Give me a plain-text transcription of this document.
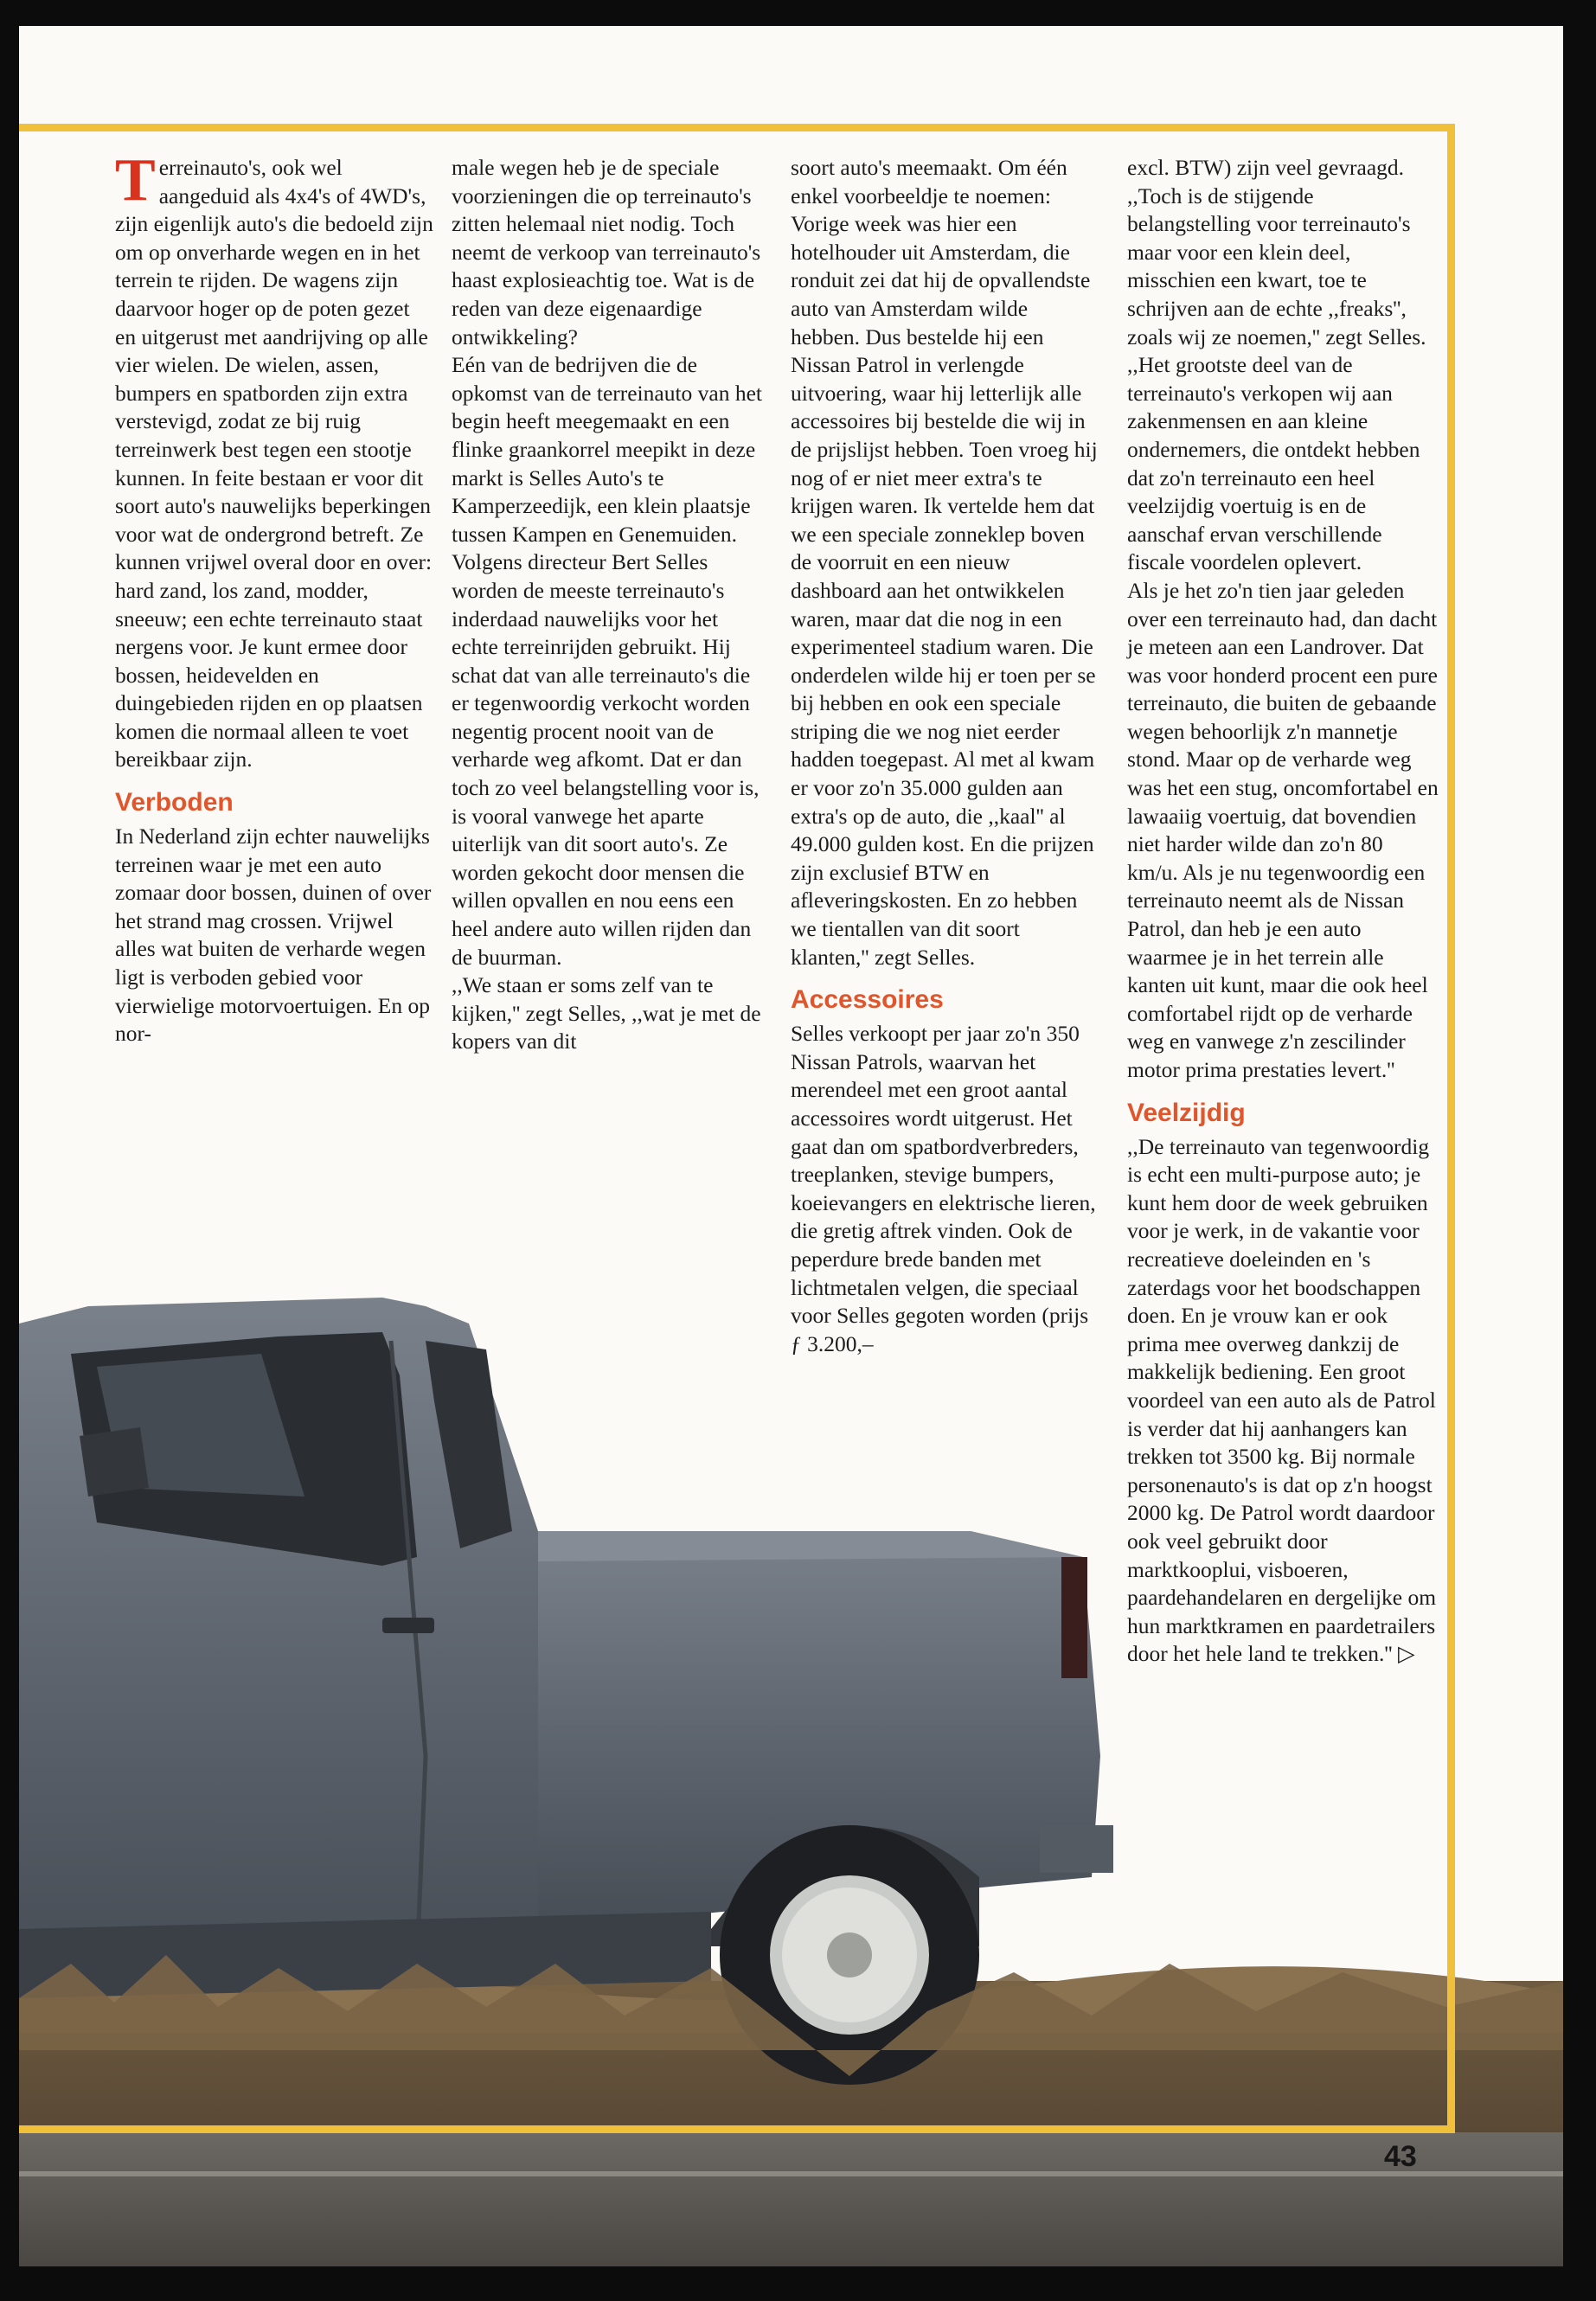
Terreinauto's, ook wel aangeduid als 4x4's of 4WD's, zijn eigenlijk auto's die bedoeld zijn om op onverharde wegen en in het terrein te rijden. De wagens zijn daarvoor hoger op de poten gezet en uitgerust met aandrijving op alle vier wielen. De wielen, assen, bumpers en spatborden zijn extra verstevigd, zodat ze bij ruig terreinwerk best tegen een stootje kunnen. In feite bestaan er voor dit soort auto's nauwelijks beperkingen voor wat de ondergrond betreft. Ze kunnen vrijwel overal door en over: hard zand, los zand, modder, sneeuw; een echte terreinauto staat nergens voor. Je kunt ermee door bossen, heidevelden en duingebieden rijden en op plaatsen komen die normaal alleen te voet bereikbaar zijn.

Verboden

In Nederland zijn echter nauwelijks terreinen waar je met een auto zomaar door bossen, duinen of over het strand mag crossen. Vrijwel alles wat buiten de verharde wegen ligt is verboden gebied voor vierwielige motorvoertuigen. En op nor-

male wegen heb je de speciale voorzieningen die op terreinauto's zitten helemaal niet nodig. Toch neemt de verkoop van terreinauto's haast explosieachtig toe. Wat is de reden van deze eigenaardige ontwikkeling?

Eén van de bedrijven die de opkomst van de terreinauto van het begin heeft meegemaakt en een flinke graankorrel meepikt in deze markt is Selles Auto's te Kamperzeedijk, een klein plaatsje tussen Kampen en Genemuiden.

Volgens directeur Bert Selles worden de meeste terreinauto's inderdaad nauwelijks voor het echte terreinrijden gebruikt. Hij schat dat van alle terreinauto's die er tegenwoordig verkocht worden negentig procent nooit van de verharde weg afkomt. Dat er dan toch zo veel belangstelling voor is, is vooral vanwege het aparte uiterlijk van dit soort auto's. Ze worden gekocht door mensen die willen opvallen en nou eens een heel andere auto willen rijden dan de buurman.

,,We staan er soms zelf van te kijken,'' zegt Selles, ,,wat je met de kopers van dit

soort auto's meemaakt. Om één enkel voorbeeldje te noemen: Vorige week was hier een hotelhouder uit Amsterdam, die ronduit zei dat hij de opvallendste auto van Amsterdam wilde hebben. Dus bestelde hij een Nissan Patrol in verlengde uitvoering, waar hij letterlijk alle accessoires bij bestelde die wij in de prijslijst hebben. Toen vroeg hij nog of er niet meer extra's te krijgen waren. Ik vertelde hem dat we een speciale zonneklep boven de voorruit en een nieuw dashboard aan het ontwikkelen waren, maar dat die nog in een experimenteel stadium waren. Die onderdelen wilde hij er toen per se bij hebben en ook een speciale striping die we nog niet eerder hadden toegepast. Al met al kwam er voor zo'n 35.000 gulden aan extra's op de auto, die ,,kaal'' al 49.000 gulden kost. En die prijzen zijn exclusief BTW en afleveringskosten. En zo hebben we tientallen van dit soort klanten,'' zegt Selles.

Accessoires

Selles verkoopt per jaar zo'n 350 Nissan Patrols, waarvan het merendeel met een groot aantal accessoires wordt uitgerust. Het gaat dan om spatbordverbreders, treeplanken, stevige bumpers, koeievangers en elektrische lieren, die gretig aftrek vinden. Ook de peperdure brede banden met lichtmetalen velgen, die speciaal voor Selles gegoten worden (prijs ƒ 3.200,–

excl. BTW) zijn veel gevraagd.

,,Toch is de stijgende belangstelling voor terreinauto's maar voor een klein deel, misschien een kwart, toe te schrijven aan de echte ,,freaks'', zoals wij ze noemen,'' zegt Selles. ,,Het grootste deel van de terreinauto's verkopen wij aan zakenmensen en aan kleine ondernemers, die ontdekt hebben dat zo'n terreinauto een heel veelzijdig voertuig is en de aanschaf ervan verschillende fiscale voordelen oplevert.

Als je het zo'n tien jaar geleden over een terreinauto had, dan dacht je meteen aan een Landrover. Dat was voor honderd procent een pure terreinauto, die buiten de gebaande wegen behoorlijk z'n mannetje stond. Maar op de verharde weg was het een stug, oncomfortabel en lawaaiig voertuig, dat bovendien niet harder wilde dan zo'n 80 km/u. Als je nu tegenwoordig een terreinauto neemt als de Nissan Patrol, dan heb je een auto waarmee je in het terrein alle kanten uit kunt, maar die ook heel comfortabel rijdt op de verharde weg en vanwege z'n zescilinder motor prima prestaties levert.''

Veelzijdig

,,De terreinauto van tegenwoordig is echt een multi-purpose auto; je kunt hem door de week gebruiken voor je werk, in de vakantie voor recreatieve doeleinden en 's zaterdags voor het boodschappen doen. En je vrouw kan er ook prima mee overweg dankzij de makkelijk bediening. Een groot voordeel van een auto als de Patrol is verder dat hij aanhangers kan trekken tot 3500 kg. Bij normale personenauto's is dat op z'n hoogst 2000 kg. De Patrol wordt daardoor ook veel gebruikt door marktkooplui, visboeren, paardehandelaren en dergelijke om hun marktkramen en paardetrailers door het hele land te trekken.'' ▷

43
